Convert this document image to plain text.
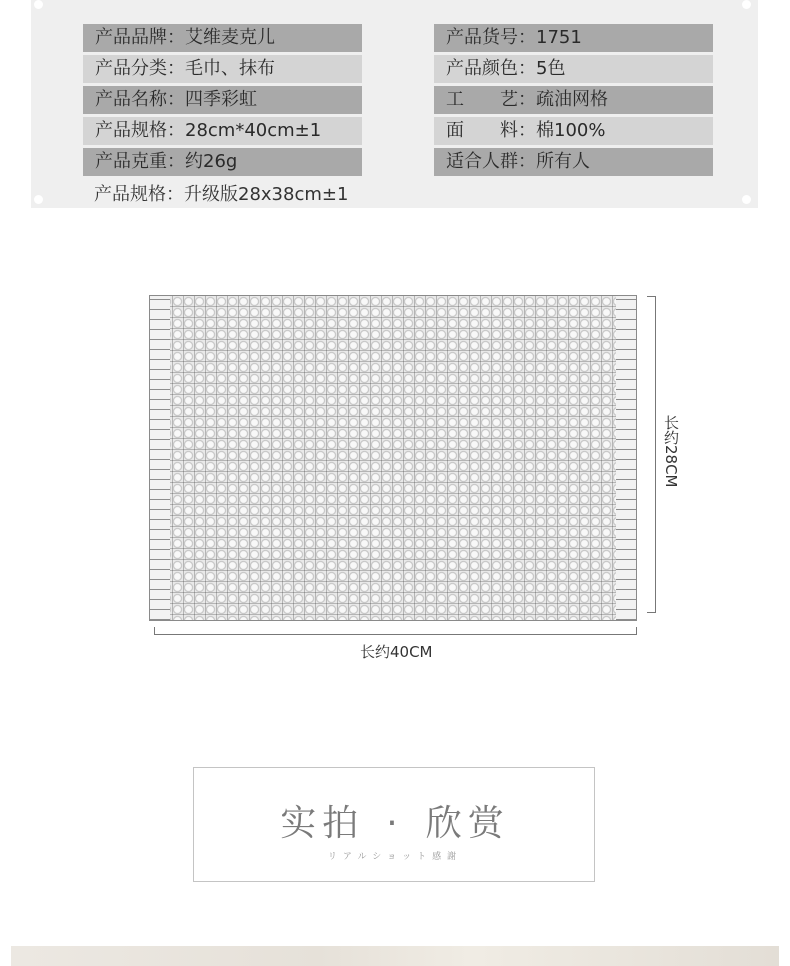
产品品牌：艾维麦克儿
产品分类：毛巾、抹布
产品名称：四季彩虹
产品规格：28cm*40cm±1
产品克重：约26g
产品货号：1751
产品颜色：5色
工　　艺：疏油网格
面　　料：棉100%
适合人群：所有人
产品规格：升级版28x38cm±1
长约28CM
长约40CM
实拍 · 欣赏
リアルショット感謝
